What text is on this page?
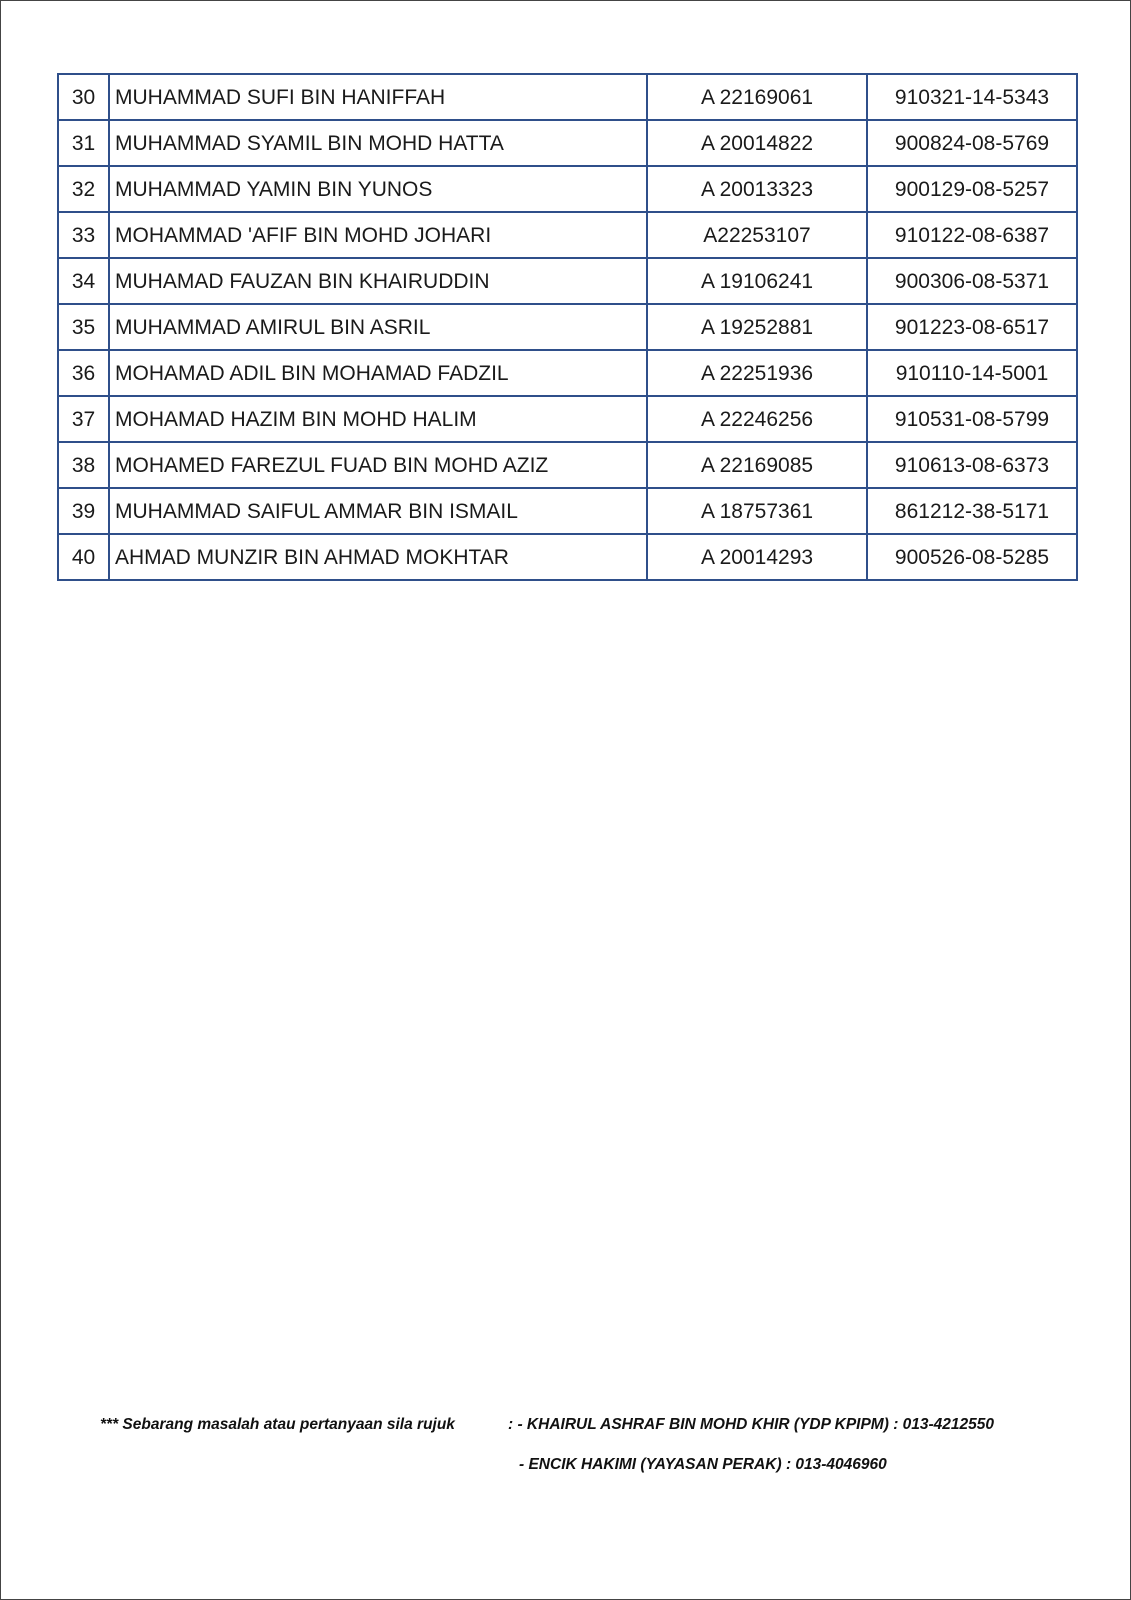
30	MUHAMMAD SUFI BIN HANIFFAH	A 22169061	910321-14-5343
31	MUHAMMAD SYAMIL BIN MOHD HATTA	A 20014822	900824-08-5769
32	MUHAMMAD YAMIN BIN YUNOS	A 20013323	900129-08-5257
33	MOHAMMAD 'AFIF BIN MOHD JOHARI	A22253107	910122-08-6387
34	MUHAMAD FAUZAN BIN KHAIRUDDIN	A 19106241	900306-08-5371
35	MUHAMMAD AMIRUL BIN ASRIL	A 19252881	901223-08-6517
36	MOHAMAD ADIL BIN MOHAMAD FADZIL	A 22251936	910110-14-5001
37	MOHAMAD HAZIM BIN MOHD HALIM	A 22246256	910531-08-5799
38	MOHAMED FAREZUL FUAD BIN MOHD AZIZ	A 22169085	910613-08-6373
39	MUHAMMAD SAIFUL AMMAR BIN ISMAIL	A 18757361	861212-38-5171
40	AHMAD MUNZIR BIN AHMAD MOKHTAR	A 20014293	900526-08-5285
*** Sebarang masalah atau pertanyaan sila rujuk	: - KHAIRUL ASHRAF BIN MOHD KHIR (YDP KPIPM) : 013-4212550
- ENCIK HAKIMI (YAYASAN PERAK) : 013-4046960
